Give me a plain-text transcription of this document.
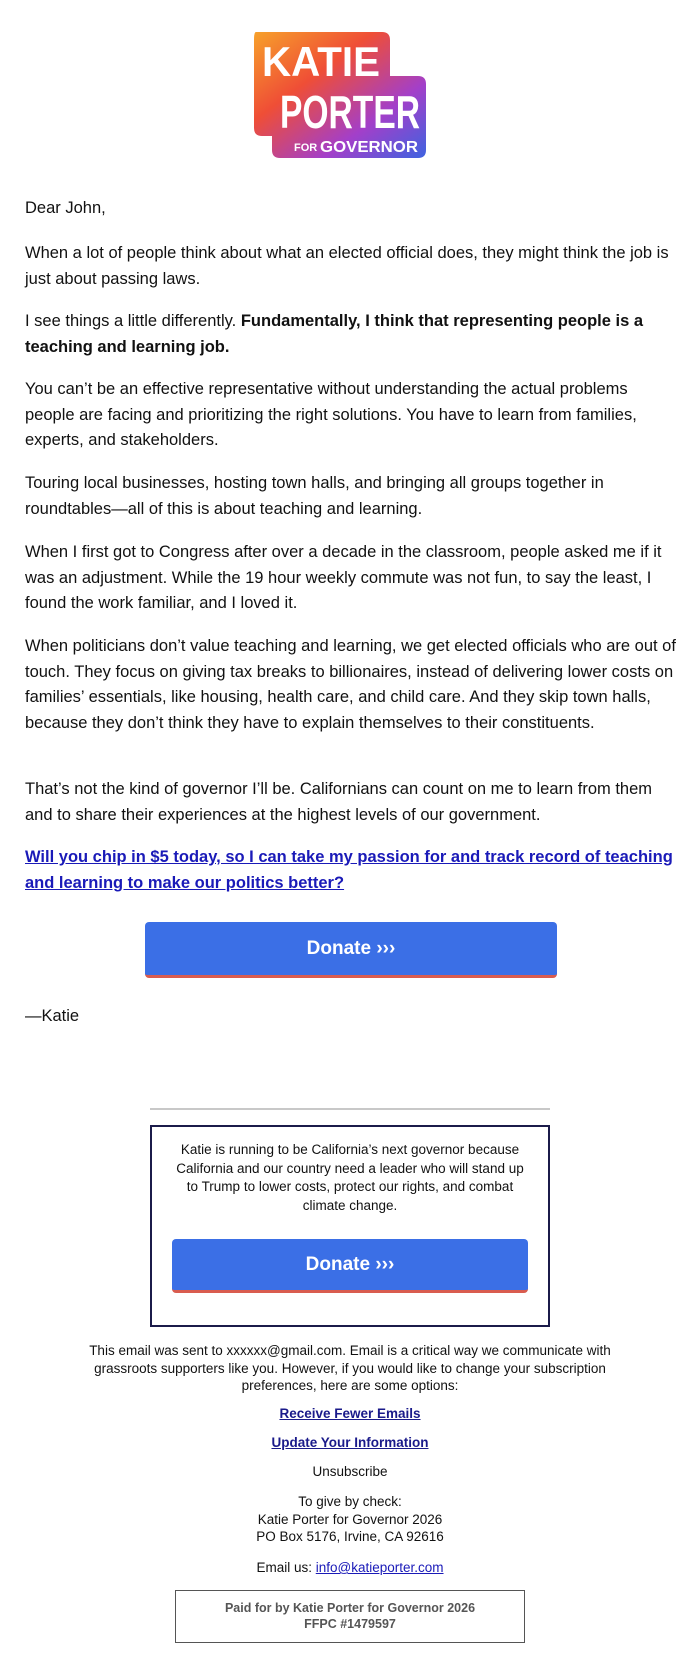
KATIE
PORTER
FOR GOVERNOR

Dear John,

When a lot of people think about what an elected official does, they might think the job is just about passing laws.

I see things a little differently. Fundamentally, I think that representing people is a teaching and learning job.

You can’t be an effective representative without understanding the actual problems people are facing and prioritizing the right solutions. You have to learn from families, experts, and stakeholders.

Touring local businesses, hosting town halls, and bringing all groups together in roundtables—all of this is about teaching and learning.

When I first got to Congress after over a decade in the classroom, people asked me if it was an adjustment. While the 19 hour weekly commute was not fun, to say the least, I found the work familiar, and I loved it.

When politicians don’t value teaching and learning, we get elected officials who are out of touch. They focus on giving tax breaks to billionaires, instead of delivering lower costs on families’ essentials, like housing, health care, and child care. And they skip town halls, because they don’t think they have to explain themselves to their constituents.

That’s not the kind of governor I’ll be. Californians can count on me to learn from them and to share their experiences at the highest levels of our government.

Will you chip in $5 today, so I can take my passion for and track record of teaching and learning to make our politics better?

Donate ›››

—Katie

Katie is running to be California’s next governor because California and our country need a leader who will stand up to Trump to lower costs, protect our rights, and combat climate change.

Donate ›››

This email was sent to xxxxxx@gmail.com. Email is a critical way we communicate with grassroots supporters like you. However, if you would like to change your subscription preferences, here are some options:

Receive Fewer Emails

Update Your Information

Unsubscribe

To give by check:
Katie Porter for Governor 2026
PO Box 5176, Irvine, CA 92616

Email us: info@katieporter.com

Paid for by Katie Porter for Governor 2026
FFPC #1479597
